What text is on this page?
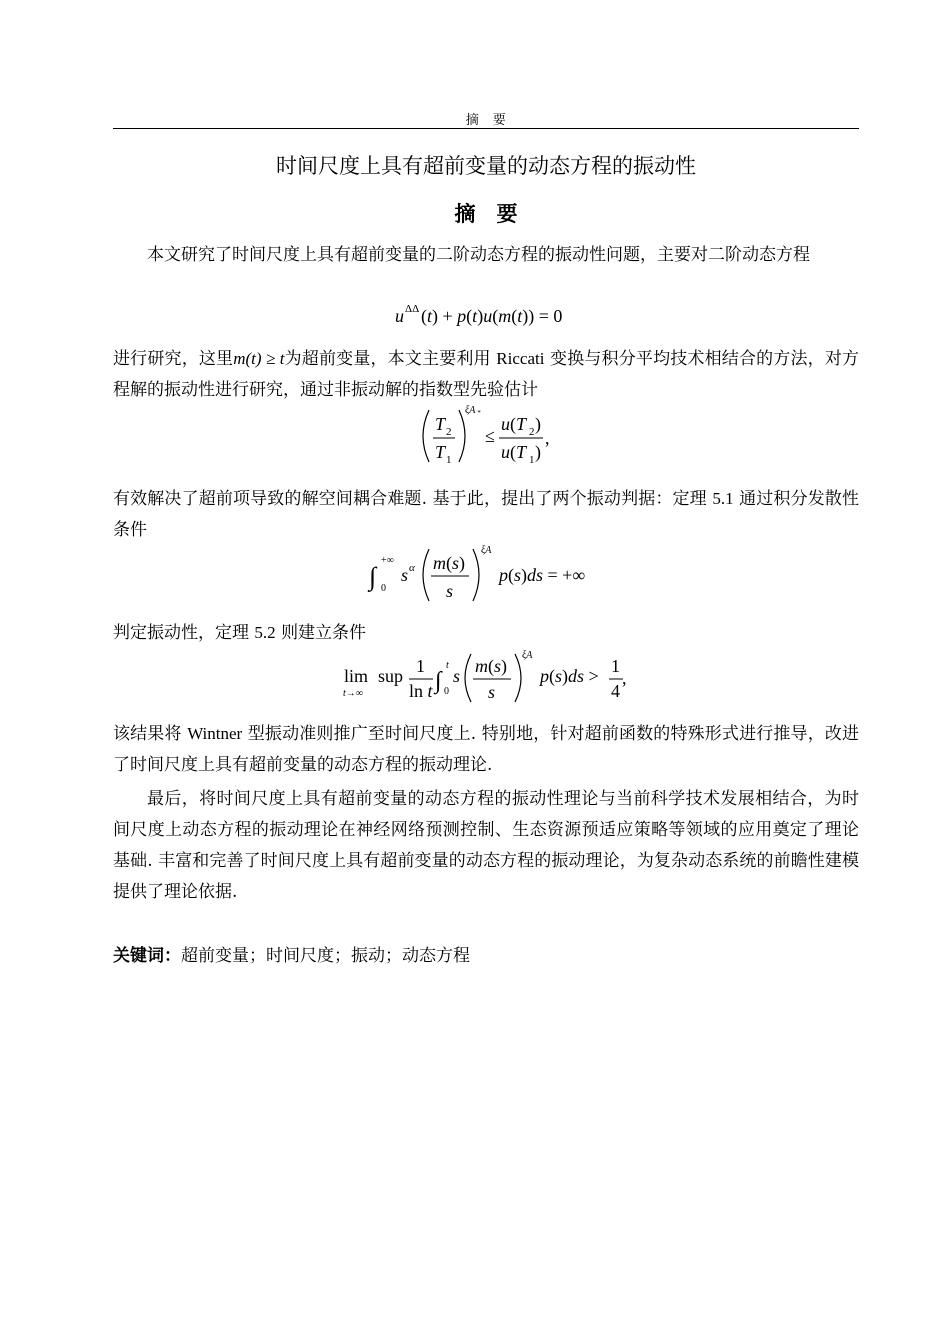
摘　要
时间尺度上具有超前变量的动态方程的振动性
摘　要
本文研究了时间尺度上具有超前变量的二阶动态方程的振动性问题，主要对二阶动态方程
u ΔΔ (t) + p(t)u(m(t)) = 0
进行研究，这里m(t) ≥ t为超前变量，本文主要利用 Riccati 变换与积分平均技术相结合的方法，对方程解的振动性进行研究，通过非振动解的指数型先验估计
T 2
T 1
ξA *
≤
u(T 2 )
u(T 1 )
,
有效解决了超前项导致的解空间耦合难题. 基于此，提出了两个振动判据：定理 5.1 通过积分发散性条件
∫
+∞
0
s α m(s)
s
ξA
p(s)ds = +∞
判定振动性，定理 5.2 则建立条件
lim
t→∞
sup 1
ln t ∫
t
0
s m(s)
s
ξA
p(s)ds > 1
4
,
该结果将 Wintner 型振动准则推广至时间尺度上. 特别地，针对超前函数的特殊形式进行推导，改进了时间尺度上具有超前变量的动态方程的振动理论.
最后，将时间尺度上具有超前变量的动态方程的振动性理论与当前科学技术发展相结合，为时间尺度上动态方程的振动理论在神经网络预测控制、生态资源预适应策略等领域的应用奠定了理论基础. 丰富和完善了时间尺度上具有超前变量的动态方程的振动理论，为复杂动态系统的前瞻性建模提供了理论依据.
关键词：超前变量；时间尺度；振动；动态方程
